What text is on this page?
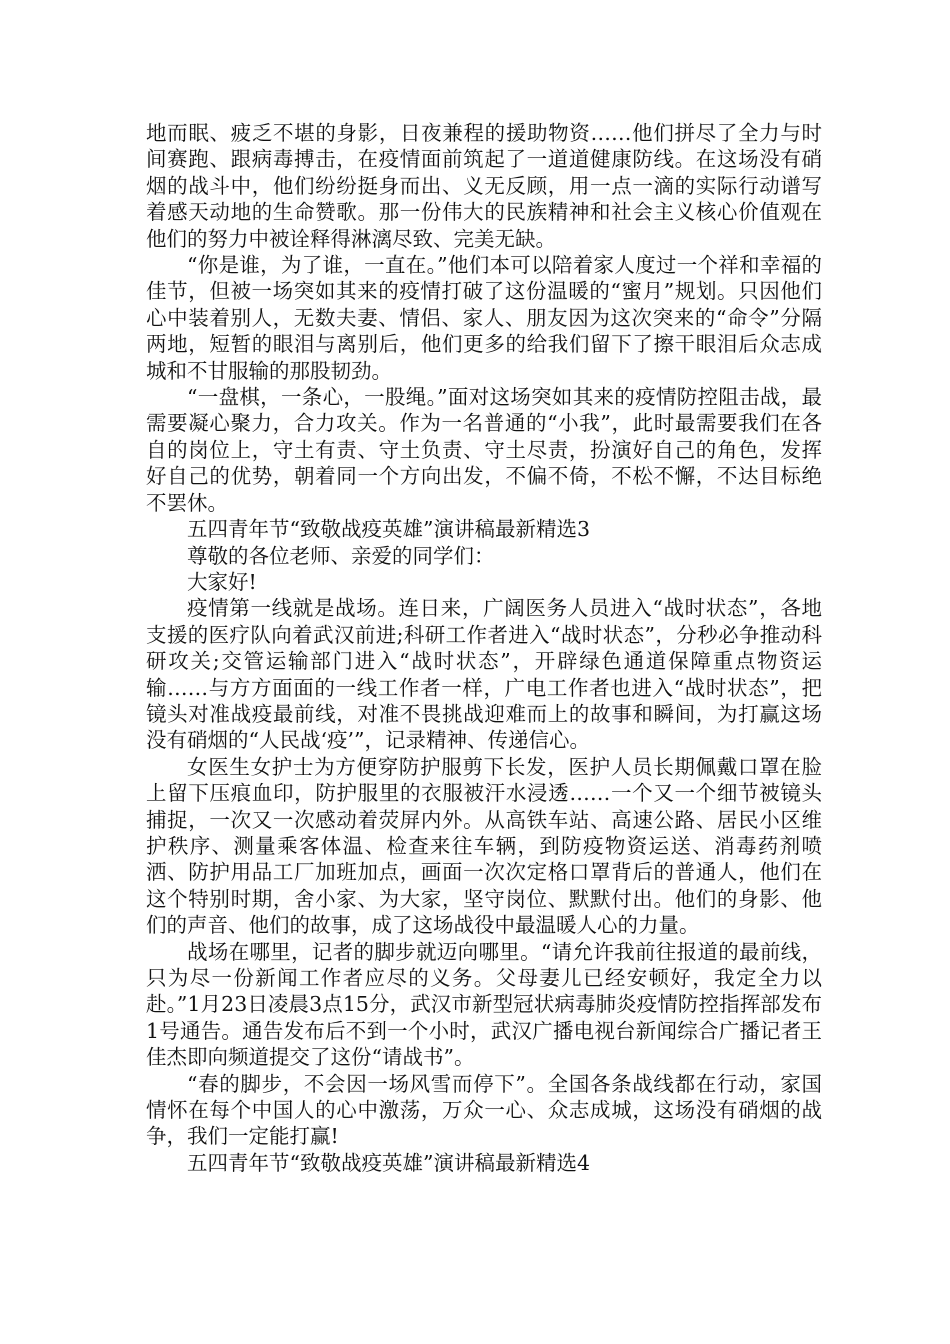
地而眠、疲乏不堪的身影，日夜兼程的援助物资……他们拼尽了全力与时间赛跑、跟病毒搏击，在疫情面前筑起了一道道健康防线。在这场没有硝烟的战斗中，他们纷纷挺身而出、义无反顾，用一点一滴的实际行动谱写着感天动地的生命赞歌。那一份伟大的民族精神和社会主义核心价值观在他们的努力中被诠释得淋漓尽致、完美无缺。

“你是谁，为了谁，一直在。”他们本可以陪着家人度过一个祥和幸福的佳节，但被一场突如其来的疫情打破了这份温暖的“蜜月”规划。只因他们心中装着别人，无数夫妻、情侣、家人、朋友因为这次突来的“命令”分隔两地，短暂的眼泪与离别后，他们更多的给我们留下了擦干眼泪后众志成城和不甘服输的那股韧劲。

“一盘棋，一条心，一股绳。”面对这场突如其来的疫情防控阻击战，最需要凝心聚力，合力攻关。作为一名普通的“小我”，此时最需要我们在各自的岗位上，守土有责、守土负责、守土尽责，扮演好自己的角色，发挥好自己的优势，朝着同一个方向出发，不偏不倚，不松不懈，不达目标绝不罢休。

五四青年节“致敬战疫英雄”演讲稿最新精选3

尊敬的各位老师、亲爱的同学们：

大家好!

疫情第一线就是战场。连日来，广阔医务人员进入“战时状态”，各地支援的医疗队向着武汉前进;科研工作者进入“战时状态”，分秒必争推动科研攻关;交管运输部门进入“战时状态”，开辟绿色通道保障重点物资运输……与方方面面的一线工作者一样，广电工作者也进入“战时状态”，把镜头对准战疫最前线，对准不畏挑战迎难而上的故事和瞬间，为打赢这场没有硝烟的“人民战‘疫’”，记录精神、传递信心。

女医生女护士为方便穿防护服剪下长发，医护人员长期佩戴口罩在脸上留下压痕血印，防护服里的衣服被汗水浸透……一个又一个细节被镜头捕捉，一次又一次感动着荧屏内外。从高铁车站、高速公路、居民小区维护秩序、测量乘客体温、检查来往车辆，到防疫物资运送、消毒药剂喷洒、防护用品工厂加班加点，画面一次次定格口罩背后的普通人，他们在这个特别时期，舍小家、为大家，坚守岗位、默默付出。他们的身影、他们的声音、他们的故事，成了这场战役中最温暖人心的力量。

战场在哪里，记者的脚步就迈向哪里。“请允许我前往报道的最前线，只为尽一份新闻工作者应尽的义务。父母妻儿已经安顿好，我定全力以赴。”1月23日凌晨3点15分，武汉市新型冠状病毒肺炎疫情防控指挥部发布1号通告。通告发布后不到一个小时，武汉广播电视台新闻综合广播记者王佳杰即向频道提交了这份“请战书”。

“春的脚步，不会因一场风雪而停下”。全国各条战线都在行动，家国情怀在每个中国人的心中激荡，万众一心、众志成城，这场没有硝烟的战争，我们一定能打赢!

五四青年节“致敬战疫英雄”演讲稿最新精选4
